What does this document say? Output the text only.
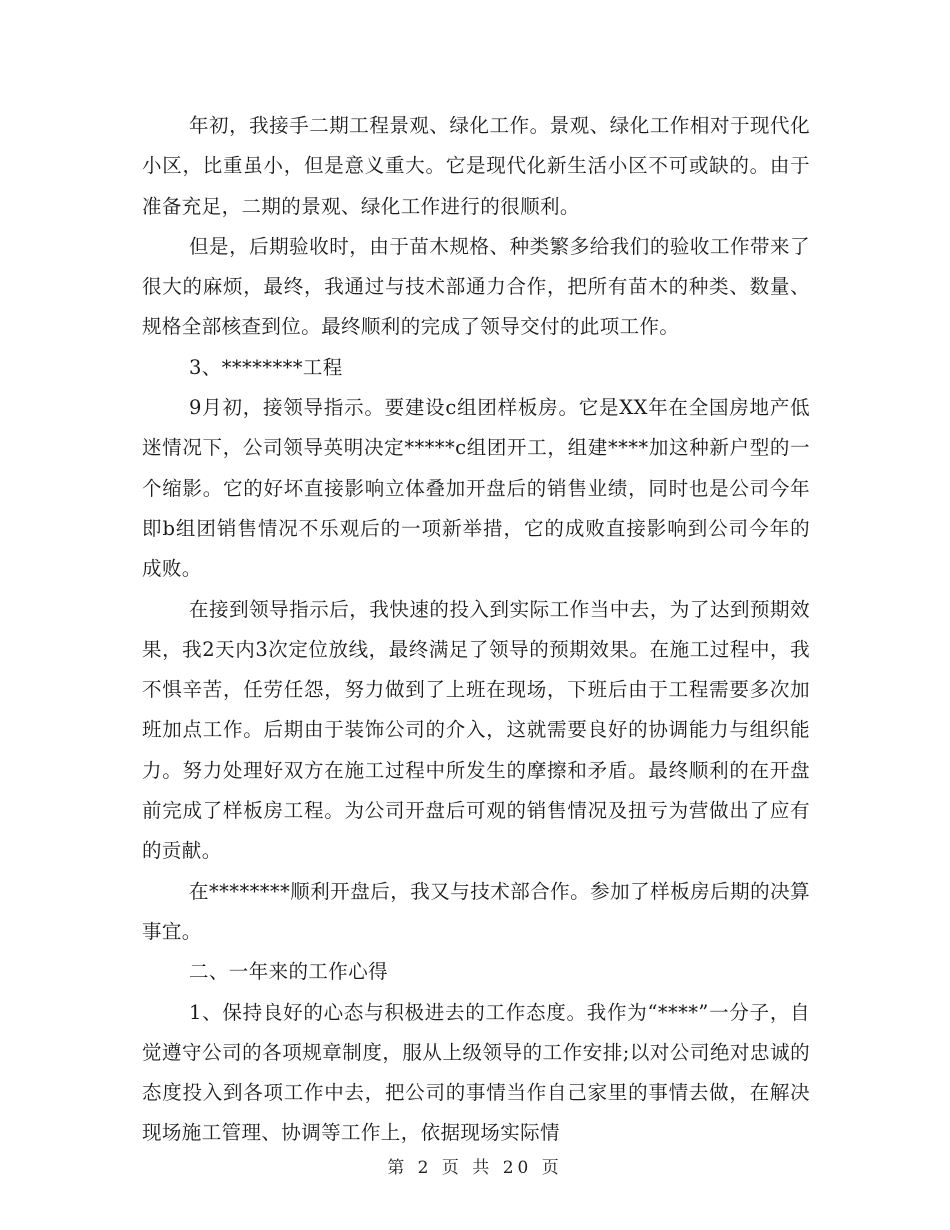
年初，我接手二期工程景观、绿化工作。景观、绿化工作相对于现代化小区，比重虽小，但是意义重大。它是现代化新生活小区不可或缺的。由于准备充足，二期的景观、绿化工作进行的很顺利。

但是，后期验收时，由于苗木规格、种类繁多给我们的验收工作带来了很大的麻烦，最终，我通过与技术部通力合作，把所有苗木的种类、数量、规格全部核查到位。最终顺利的完成了领导交付的此项工作。

3、********工程

9月初，接领导指示。要建设c组团样板房。它是XX年在全国房地产低迷情况下，公司领导英明决定*****c组团开工，组建****加这种新户型的一个缩影。它的好坏直接影响立体叠加开盘后的销售业绩，同时也是公司今年即b组团销售情况不乐观后的一项新举措，它的成败直接影响到公司今年的成败。

在接到领导指示后，我快速的投入到实际工作当中去，为了达到预期效果，我2天内3次定位放线，最终满足了领导的预期效果。在施工过程中，我不惧辛苦，任劳任怨，努力做到了上班在现场，下班后由于工程需要多次加班加点工作。后期由于装饰公司的介入，这就需要良好的协调能力与组织能力。努力处理好双方在施工过程中所发生的摩擦和矛盾。最终顺利的在开盘前完成了样板房工程。为公司开盘后可观的销售情况及扭亏为营做出了应有的贡献。

在********顺利开盘后，我又与技术部合作。参加了样板房后期的决算事宜。

二、一年来的工作心得

1、保持良好的心态与积极进去的工作态度。我作为“****”一分子，自觉遵守公司的各项规章制度，服从上级领导的工作安排;以对公司绝对忠诚的态度投入到各项工作中去，把公司的事情当作自己家里的事情去做，在解决现场施工管理、协调等工作上，依据现场实际情

第 2 页 共 20 页
